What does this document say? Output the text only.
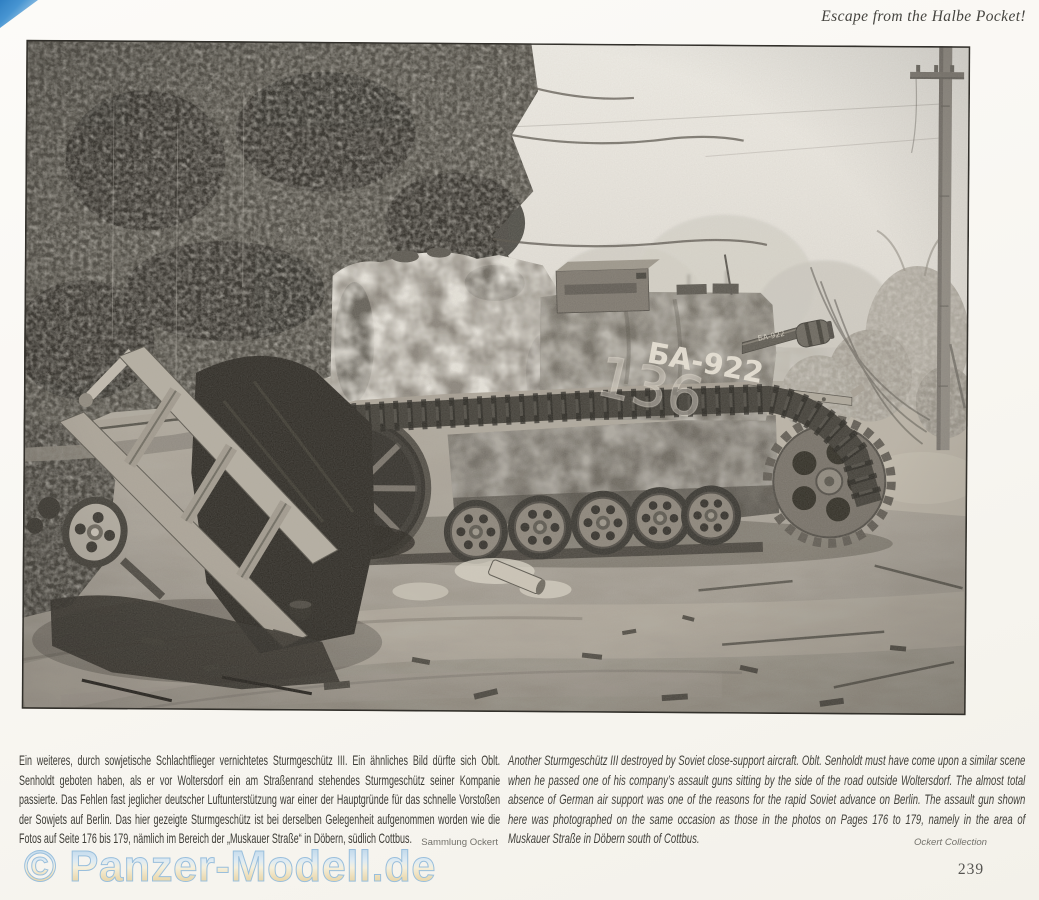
Escape from the Halbe Pocket!

Ein weiteres, durch sowjetische Schlachtflieger vernichtetes Sturmgeschütz III. Ein ähnliches Bild dürfte sich Oblt. Senholdt geboten haben, als er vor Woltersdorf ein am Straßenrand stehendes Sturmgeschütz seiner Kompanie passierte. Das Fehlen fast jeglicher deutscher Luftunterstützung war einer der Hauptgründe für das schnelle Vorstoßen der Sowjets auf Berlin. Das hier gezeigte Sturmgeschütz ist bei derselben Gelegenheit aufgenommen worden wie die Fotos auf Seite 176 bis 179, nämlich im Bereich der „Muskauer Straße“ in Döbern, südlich Cottbus. Sammlung Ockert

Another Sturmgeschütz III destroyed by Soviet close-support aircraft. Oblt. Senholdt must have come upon a similar scene when he passed one of his company’s assault guns sitting by the side of the road outside Woltersdorf. The almost total absence of German air support was one of the reasons for the rapid Soviet advance on Berlin. The assault gun shown here was photographed on the same occasion as those in the photos on Pages 176 to 179, namely in the area of Muskauer Straße in Döbern south of Cottbus.	Ockert Collection
© Panzer-Modell.de	239
